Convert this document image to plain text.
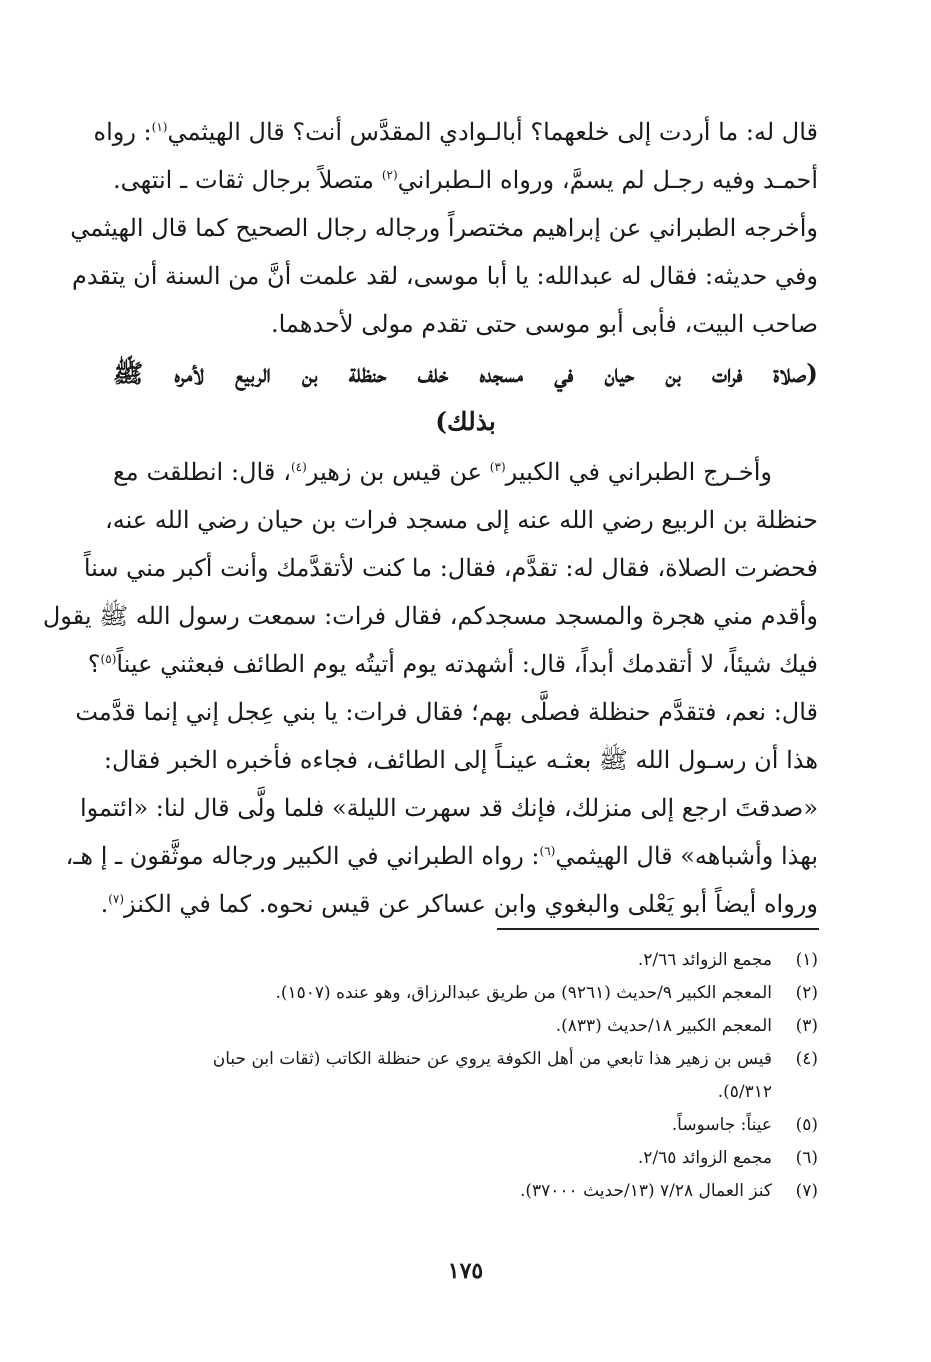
قال له: ما أردت إلى خلعهما؟ أبالـوادي المقدَّس أنت؟ قال الهيثمي$^{(١)}$: رواه
أحمـد وفيه رجـل لم يسمَّ، ورواه الـطبراني$^{(٢)}$ متصلاً برجال ثقات ـ انتهى.
وأخرجه الطبراني عن إبراهيم مختصراً ورجاله رجال الصحيح كما قال الهيثمي
وفي حديثه: فقال له عبدالله: يا أبا موسى، لقد علمت أنَّ من السنة أن يتقدم
صاحب البيت، فأبى أبو موسى حتى تقدم مولى لأحدهما.
(صلاة فرات بن حيان في مسجده خلف حنظلة بن الربيع لأمره ﷺ
بذلك)
وأخـرج الطبراني في الكبير$^{(٣)}$ عن قيس بن زهير$^{(٤)}$، قال: انطلقت مع
حنظلة بن الربيع رضي الله عنه إلى مسجد فرات بن حيان رضي الله عنه،
فحضرت الصلاة، فقال له: تقدَّم، فقال: ما كنت لأتقدَّمك وأنت أكبر مني سناً
وأقدم مني هجرة والمسجد مسجدكم، فقال فرات: سمعت رسول الله ﷺ يقول
فيك شيئاً، لا أتقدمك أبداً، قال: أشهدته يوم أتيتُه يوم الطائف فبعثني عيناً$^{(٥)}$؟
قال: نعم، فتقدَّم حنظلة فصلَّى بهم؛ فقال فرات: يا بني عِجل إني إنما قدَّمت
هذا أن رسـول الله ﷺ بعثـه عينـاً إلى الطائف، فجاءه فأخبره الخبر فقال:
«صدقتَ ارجع إلى منزلك، فإنك قد سهرت الليلة» فلما ولَّى قال لنا: «ائتموا
بهذا وأشباهه» قال الهيثمي$^{(٦)}$: رواه الطبراني في الكبير ورجاله موثَّقون ـ إ هـ،
ورواه أيضاً أبو يَعْلى والبغوي وابن عساكر عن قيس نحوه. كما في الكنز$^{(٧)}$.
(١)
مجمع الزوائد ٢/٦٦.
(٢)
المعجم الكبير ٩/حديث (٩٢٦١) من طريق عبدالرزاق، وهو عنده (١٥٠٧).
(٣)
المعجم الكبير ١٨/حديث (٨٣٣).
(٤)
قيس بن زهير هذا تابعي من أهل الكوفة يروي عن حنظلة الكاتب (ثقات ابن حبان
٥/٣١٢).
(٥)
عيناً: جاسوساً.
(٦)
مجمع الزوائد ٢/٦٥.
(٧)
كنز العمال ٧/٢٨ (١٣/حديث ٣٧٠٠٠).
١٧٥
